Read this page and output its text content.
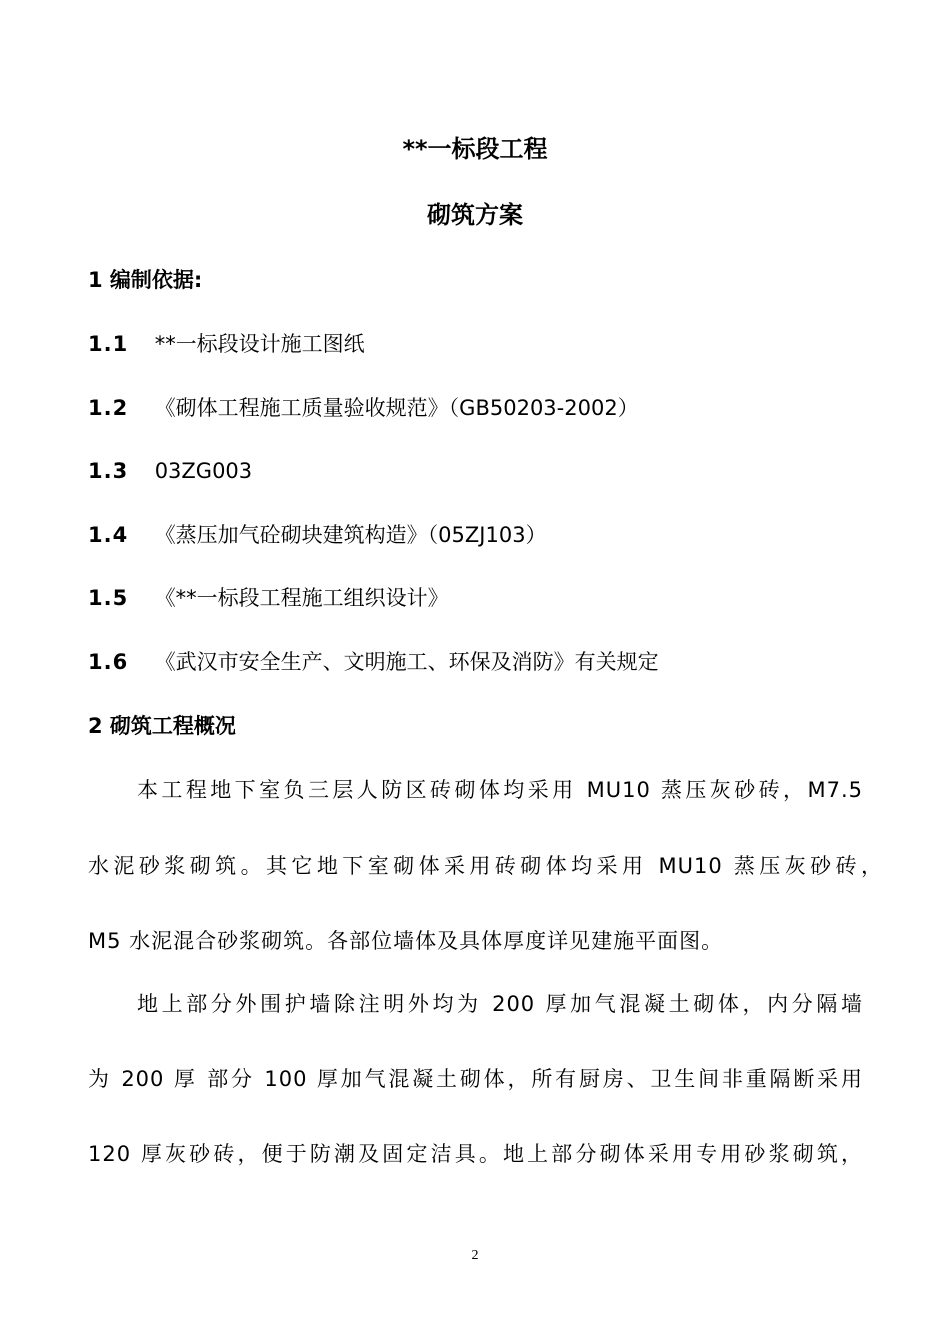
**一标段工程
砌筑方案
1 编制依据:
1.1 **一标段设计施工图纸
1.2 《砌体工程施工质量验收规范》（GB50203-2002）
1.3 03ZG003
1.4 《蒸压加气砼砌块建筑构造》（05ZJ103）
1.5 《**一标段工程施工组织设计》
1.6 《武汉市安全生产、文明施工、环保及消防》有关规定
2 砌筑工程概况
本工程地下室负三层人防区砖砌体均采用 MU10 蒸压灰砂砖，M7.5
水泥砂浆砌筑。其它地下室砌体采用砖砌体均采用 MU10 蒸压灰砂砖，
M5 水泥混合砂浆砌筑。各部位墙体及具体厚度详见建施平面图。
地上部分外围护墙除注明外均为 200 厚加气混凝土砌体，内分隔墙
为 200 厚 部分 100 厚加气混凝土砌体，所有厨房、卫生间非重隔断采用
120 厚灰砂砖，便于防潮及固定洁具。地上部分砌体采用专用砂浆砌筑，
2
